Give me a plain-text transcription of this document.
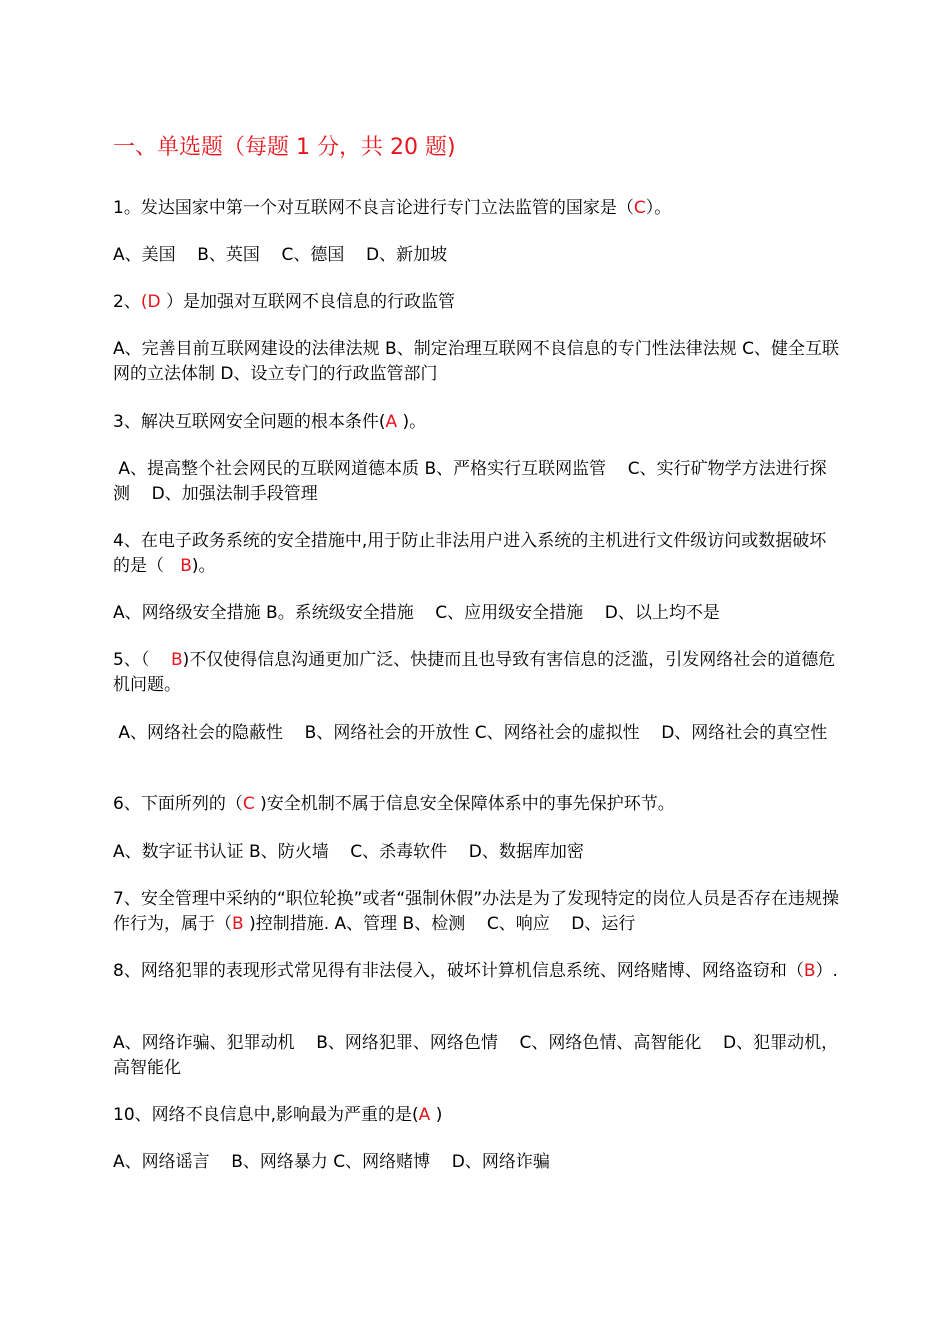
一、单选题（每题 1 分，共 20 题)
1。发达国家中第一个对互联网不良言论进行专门立法监管的国家是（C）。
A、美国    B、英国    C、德国    D、新加坡
2、(D ）是加强对互联网不良信息的行政监管
A、完善目前互联网建设的法律法规 B、制定治理互联网不良信息的专门性法律法规 C、健全互联网的立法体制 D、设立专门的行政监管部门
3、解决互联网安全问题的根本条件(A )。
A、提高整个社会网民的互联网道德本质 B、严格实行互联网监管    C、实行矿物学方法进行探测    D、加强法制手段管理
4、在电子政务系统的安全措施中,用于防止非法用户进入系统的主机进行文件级访问或数据破坏的是（   B)。
A、网络级安全措施 B。系统级安全措施    C、应用级安全措施    D、以上均不是
5、（    B)不仅使得信息沟通更加广泛、快捷而且也导致有害信息的泛滥，引发网络社会的道德危机问题。
A、网络社会的隐蔽性    B、网络社会的开放性 C、网络社会的虚拟性    D、网络社会的真空性
6、下面所列的（C )安全机制不属于信息安全保障体系中的事先保护环节。
A、数字证书认证 B、防火墙    C、杀毒软件    D、数据库加密
7、安全管理中采纳的“职位轮换”或者“强制休假”办法是为了发现特定的岗位人员是否存在违规操作行为，属于（B )控制措施. A、管理 B、检测    C、响应    D、运行
8、网络犯罪的表现形式常见得有非法侵入，破坏计算机信息系统、网络赌博、网络盗窃和（B）.
A、网络诈骗、犯罪动机    B、网络犯罪、网络色情    C、网络色情、高智能化    D、犯罪动机，高智能化
10、网络不良信息中,影响最为严重的是(A )
A、网络谣言    B、网络暴力 C、网络赌博    D、网络诈骗
